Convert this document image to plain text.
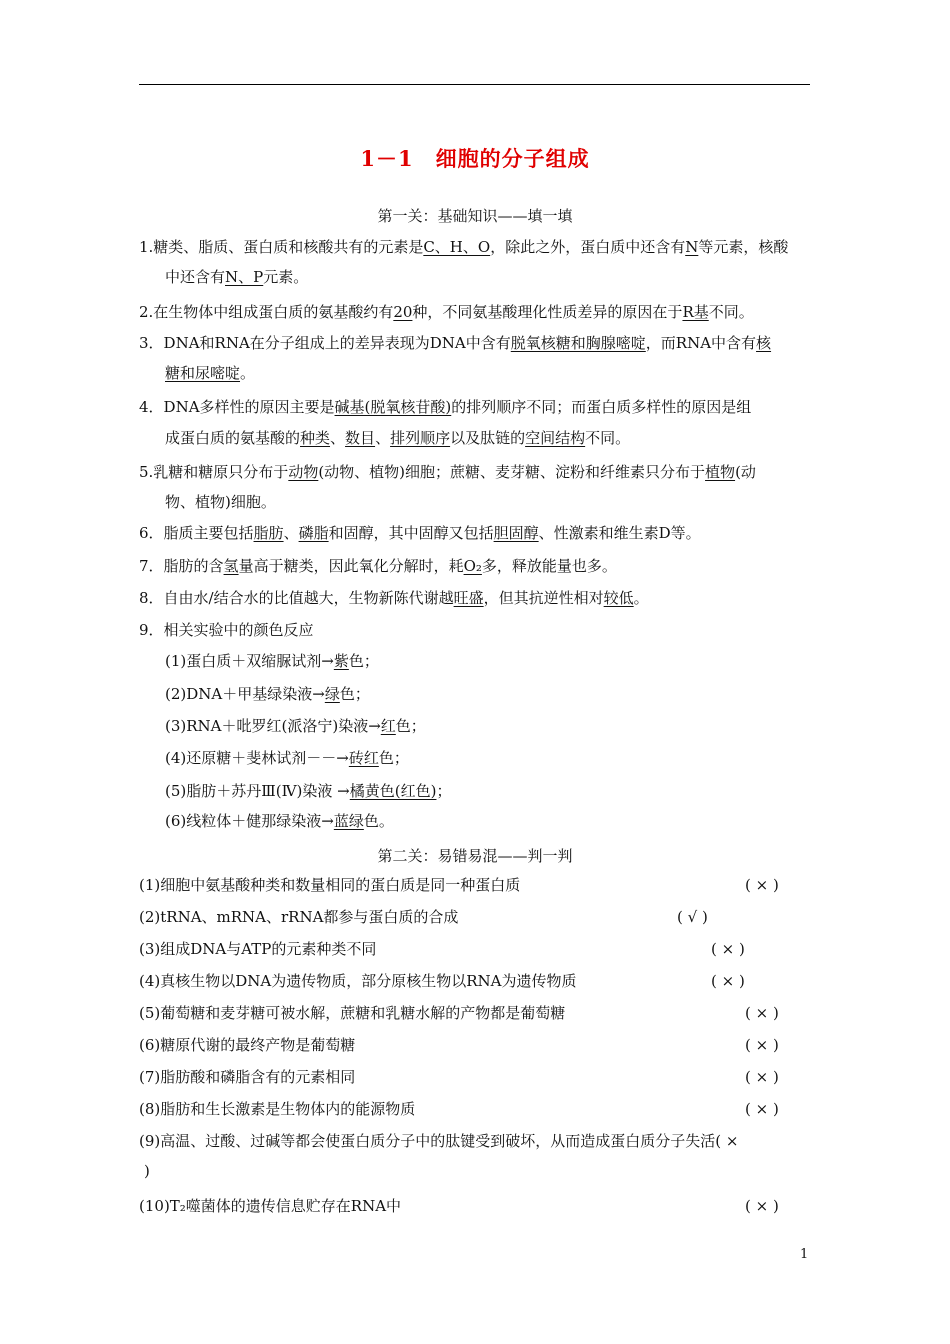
1－1　细胞的分子组成
第一关：基础知识——填一填
1.糖类、脂质、蛋白质和核酸共有的元素是C、H、O，除此之外，蛋白质中还含有N等元素，核酸
中还含有N、P元素。
2.在生物体中组成蛋白质的氨基酸约有20种，不同氨基酸理化性质差异的原因在于R基不同。
3．DNA和RNA在分子组成上的差异表现为DNA中含有脱氧核糖和胸腺嘧啶，而RNA中含有核
糖和尿嘧啶。
4．DNA多样性的原因主要是碱基(脱氧核苷酸)的排列顺序不同；而蛋白质多样性的原因是组
成蛋白质的氨基酸的种类、数目、排列顺序以及肽链的空间结构不同。
5.乳糖和糖原只分布于动物(动物、植物)细胞；蔗糖、麦芽糖、淀粉和纤维素只分布于植物(动
物、植物)细胞。
6．脂质主要包括脂肪、磷脂和固醇，其中固醇又包括胆固醇、性激素和维生素D等。
7．脂肪的含氢量高于糖类，因此氧化分解时，耗O₂多，释放能量也多。
8．自由水/结合水的比值越大，生物新陈代谢越旺盛，但其抗逆性相对较低。
9．相关实验中的颜色反应
(1)蛋白质＋双缩脲试剂→紫色；
(2)DNA＋甲基绿染液→绿色；
(3)RNA＋吡罗红(派洛宁)染液→红色；
(4)还原糖＋斐林试剂－－→砖红色；
(5)脂肪＋苏丹Ⅲ(Ⅳ)染液 →橘黄色(红色)；
(6)线粒体＋健那绿染液→蓝绿色。
第二关：易错易混——判一判
(1)细胞中氨基酸种类和数量相同的蛋白质是同一种蛋白质	( × )
(2)tRNA、mRNA、rRNA都参与蛋白质的合成	( √ )
(3)组成DNA与ATP的元素种类不同	( × )
(4)真核生物以DNA为遗传物质，部分原核生物以RNA为遗传物质	( × )
(5)葡萄糖和麦芽糖可被水解，蔗糖和乳糖水解的产物都是葡萄糖	( × )
(6)糖原代谢的最终产物是葡萄糖	( × )
(7)脂肪酸和磷脂含有的元素相同	( × )
(8)脂肪和生长激素是生物体内的能源物质	( × )
(9)高温、过酸、过碱等都会使蛋白质分子中的肽键受到破坏，从而造成蛋白质分子失活( ×
)
(10)T₂噬菌体的遗传信息贮存在RNA中	( × )
1
